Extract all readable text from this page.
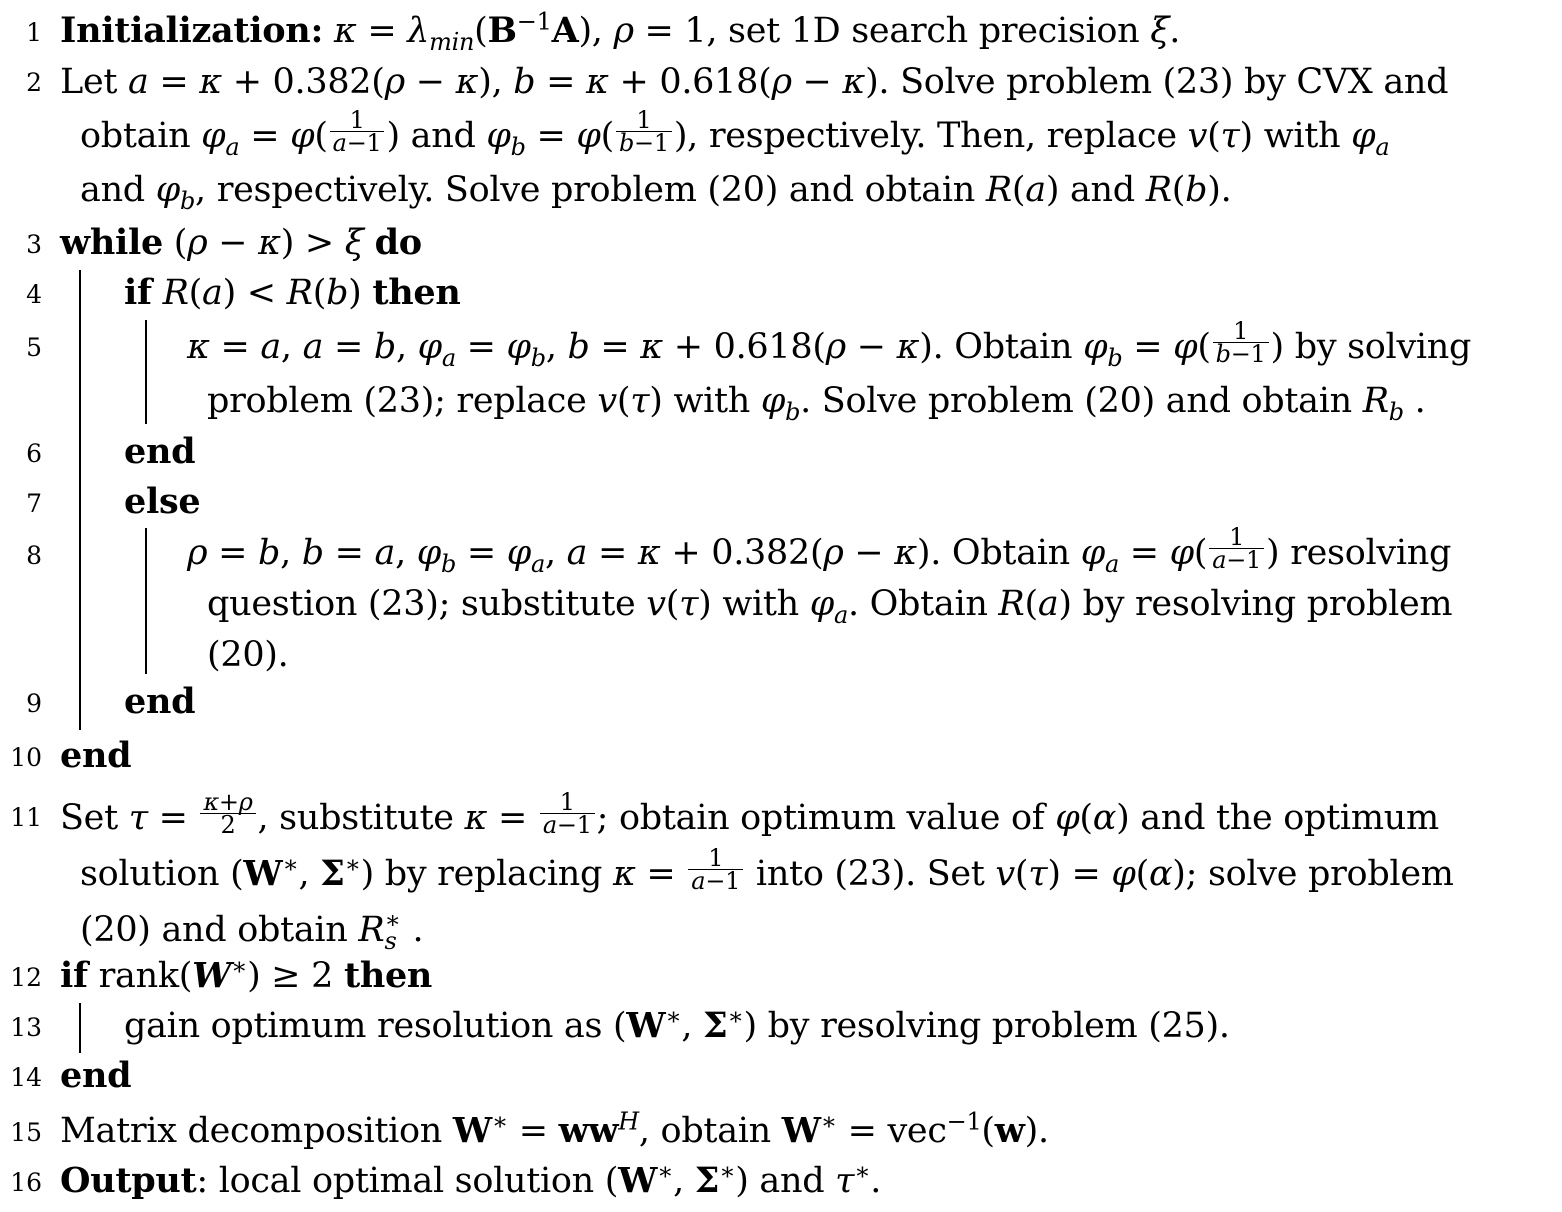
1 Initialization: $\kappa = \lambda_{min}(B^{-1}A)$, ρ = 1, set 1D search precision ξ.
2 Let a = κ + 0.382(ρ − κ), b = κ + 0.618(ρ − κ). Solve problem (23) by CVX and
obtain $\varphi_a = \varphi( \frac{1}{a-1}$ ) and $\varphi_b = \varphi( \frac{1}{b-1}$ ), respectively. Then, replace v(τ) with $\varphi_a$
and $\varphi_b$, respectively. Solve problem (20) and obtain R(a) and R(b).
3 while (ρ − κ) > ξ do
4 if R(a) < R(b) then
5	κ = a, a = b, $\varphi_a = \varphi_b$, b = κ + 0.618(ρ − κ). Obtain $\varphi_b = \varphi( \frac{1}{b-1}$ ) by solving
problem (23); replace v(τ) with $\varphi_b$. Solve problem (20) and obtain $R_b$ .
6 end
7 else
8	ρ = b, b = a, $\varphi_b = \varphi_a$, a = κ + 0.382(ρ − κ). Obtain $\varphi_a = \varphi( \frac{1}{a-1}$ ) resolving
question (23); substitute v(τ) with $\varphi_a$. Obtain R(a) by resolving problem
(20).
9 end
10 end
11 Set $\tau = \frac{\kappa+\rho}{2}$ , substitute $\kappa = \frac{1}{a-1}$ ; obtain optimum value of φ(α) and the optimum
solution (W∗, Σ∗) by replacing $\kappa = \frac{1}{a-1}$ into (23). Set v(τ) = φ(α); solve problem
(20) and obtain $R_s^∗$ .
12 if rank(W∗) ≥ 2 then
13 gain optimum resolution as (W∗, Σ∗) by resolving problem (25).
14 end
15 Matrix decomposition $W^∗ = ww^H$, obtain W∗ = vec$^{-1}$(w).
16 Output: local optimal solution (W∗, Σ∗) and τ∗.
